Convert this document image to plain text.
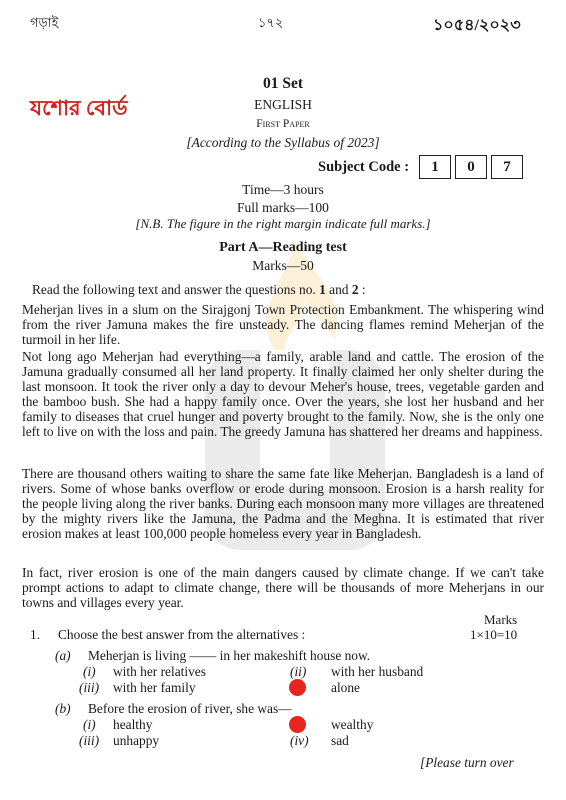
গড়াই	১৭২	১০৫৪/২০২৩
যশোর বোর্ড
01 Set
ENGLISH
First Paper
[According to the Syllabus of 2023]
Subject Code :	1	0	7
Time—3 hours
Full marks—100
[N.B. The figure in the right margin indicate full marks.]
Part A—Reading test
Marks—50
Read the following text and answer the questions no. 1 and 2 :
Meherjan lives in a slum on the Sirajgonj Town Protection Embankment. The whispering wind from the river Jamuna makes the fire unsteady. The dancing flames remind Meherjan of the turmoil in her life.
Not long ago Meherjan had everything—a family, arable land and cattle. The erosion of the Jamuna gradually consumed all her land property. It finally claimed her only shelter during the last monsoon. It took the river only a day to devour Meher's house, trees, vegetable garden and the bamboo bush. She had a happy family once. Over the years, she lost her husband and her family to diseases that cruel hunger and poverty brought to the family. Now, she is the only one left to live on with the loss and pain. The greedy Jamuna has shattered her dreams and happiness.
There are thousand others waiting to share the same fate like Meherjan. Bangladesh is a land of rivers. Some of whose banks overflow or erode during monsoon. Erosion is a harsh reality for the people living along the river banks. During each monsoon many more villages are threatened by the mighty rivers like the Jamuna, the Padma and the Meghna. It is estimated that river erosion makes at least 100,000 people homeless every year in Bangladesh.
In fact, river erosion is one of the main dangers caused by climate change. If we can't take prompt actions to adapt to climate change, there will be thousands of more Meherjans in our towns and villages every year.
Marks
1×10=10
1. Choose the best answer from the alternatives :
(a) Meherjan is living —— in her makeshift house now.
(i) with her relatives	(ii) with her husband
(iii) with her family	alone
(b) Before the erosion of river, she was—
(i) healthy	wealthy
(iii) unhappy	(iv) sad
[Please turn over
